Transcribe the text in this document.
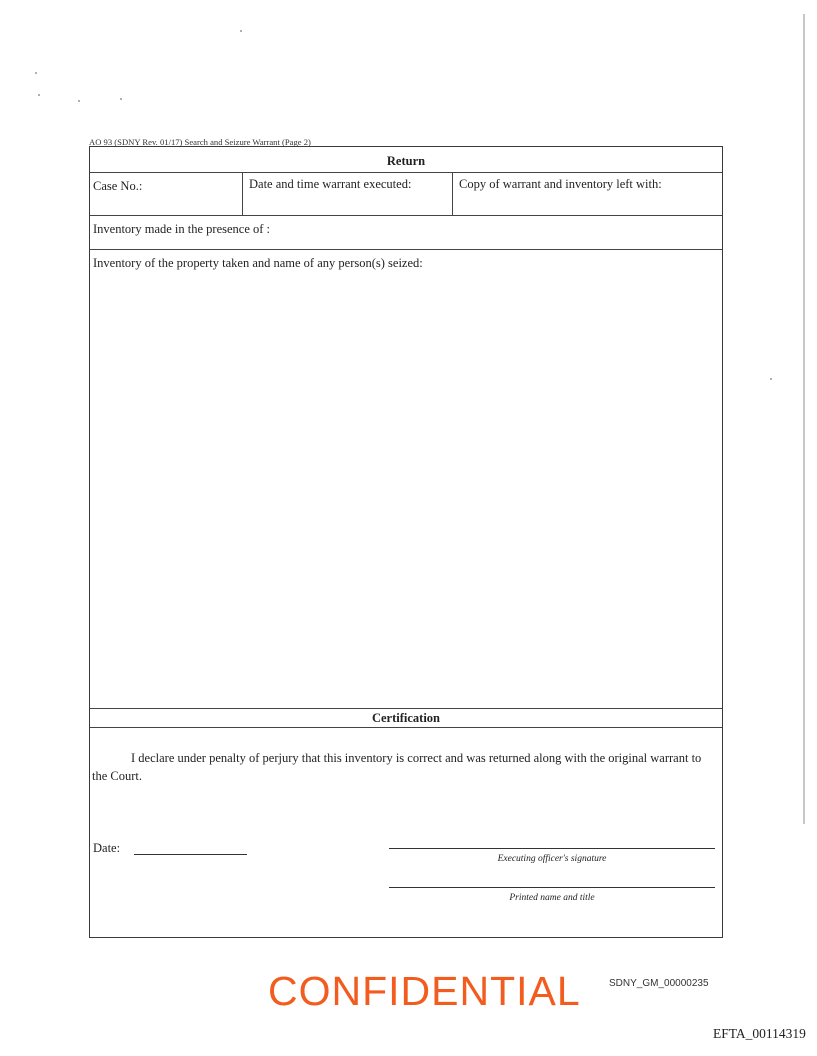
AO 93 (SDNY Rev. 01/17) Search and Seizure Warrant (Page 2)
Return
Case No.:	Date and time warrant executed:	Copy of warrant and inventory left with:
Inventory made in the presence of :
Inventory of the property taken and name of any person(s) seized:
Certification
I declare under penalty of perjury that this inventory is correct and was returned along with the original warrant to the Court.
Date:
Executing officer's signature
Printed name and title
CONFIDENTIAL	SDNY_GM_00000235
EFTA_00114319
